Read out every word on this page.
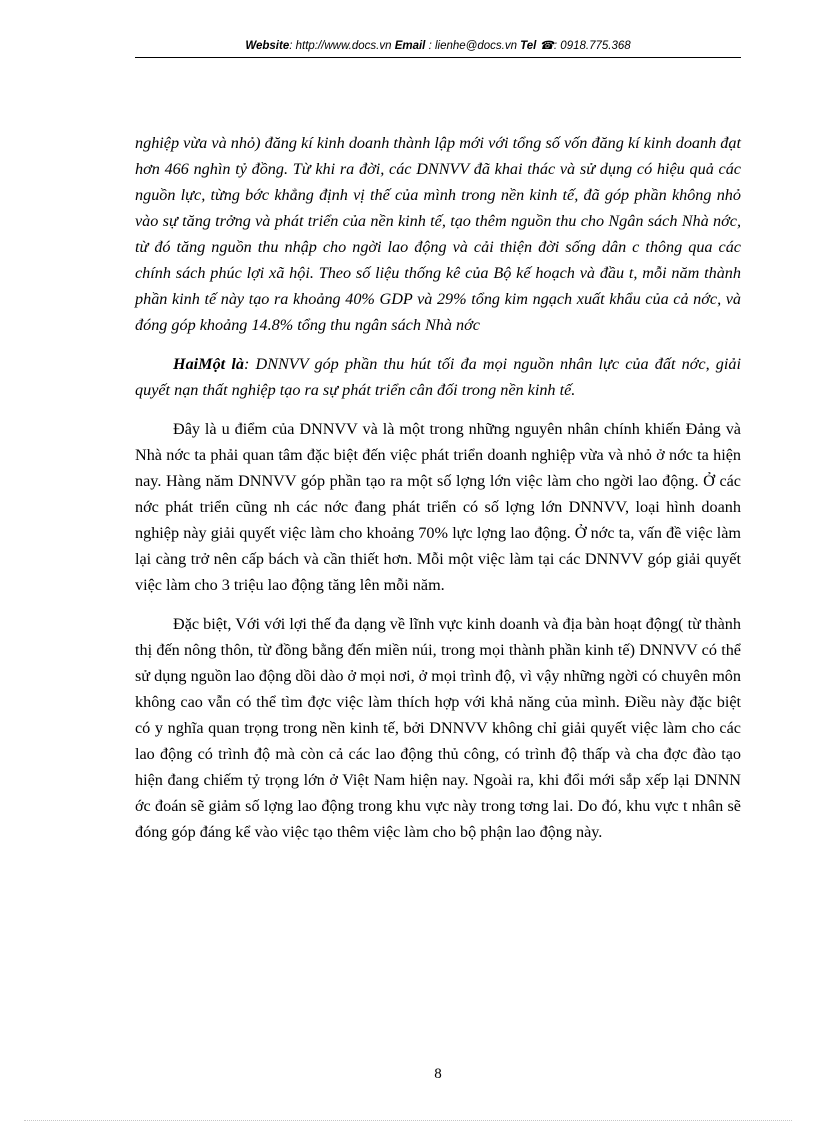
Website: http://www.docs.vn Email : lienhe@docs.vn Tel ☎: 0918.775.368

nghiệp vừa và nhỏ) đăng kí kinh doanh thành lập mới với tổng số vốn đăng kí kinh doanh đạt hơn 466 nghìn tỷ đồng. Từ khi ra đời, các DNNVV đã khai thác và sử dụng có hiệu quả các nguồn lực, từng bớc khẳng định vị thế của mình trong nền kinh tế, đã góp phần không nhỏ vào sự tăng trởng và phát triển của nền kinh tế, tạo thêm nguồn thu cho Ngân sách Nhà nớc, từ đó tăng nguồn thu nhập cho ngời lao động và cải thiện đời sống dân c thông qua các chính sách phúc lợi xã hội. Theo số liệu thống kê của Bộ kế hoạch và đầu t, mỗi năm thành phần kinh tế này tạo ra khoảng 40% GDP và 29% tổng kim ngạch xuất khẩu của cả nớc, và đóng góp khoảng 14.8% tổng thu ngân sách Nhà nớc

HaiMột là: DNNVV góp phần thu hút tối đa mọi nguồn nhân lực của đất nớc, giải quyết nạn thất nghiệp tạo ra sự phát triển cân đối trong nền kinh tế.

Đây là u điểm của DNNVV và là một trong những nguyên nhân chính khiến Đảng và Nhà nớc ta phải quan tâm đặc biệt đến việc phát triển doanh nghiệp vừa và nhỏ ở nớc ta hiện nay. Hàng năm DNNVV góp phần tạo ra một số lợng lớn việc làm cho ngời lao động. Ở các nớc phát triển cũng nh các nớc đang phát triển có số lợng lớn DNNVV, loại hình doanh nghiệp này giải quyết việc làm cho khoảng 70% lực lợng lao động. Ở nớc ta, vấn đề việc làm lại càng trở nên cấp bách và cần thiết hơn. Mỗi một việc làm tại các DNNVV góp giải quyết việc làm cho 3 triệu lao động tăng lên mỗi năm.

Đặc biệt, Với với lợi thế đa dạng về lĩnh vực kinh doanh và địa bàn hoạt động( từ thành thị đến nông thôn, từ đồng bằng đến miền núi, trong mọi thành phần kinh tế) DNNVV có thể sử dụng nguồn lao động dồi dào ở mọi nơi, ở mọi trình độ, vì vậy những ngời có chuyên môn không cao vẫn có thể tìm đợc việc làm thích hợp với khả năng của mình. Điều này đặc biệt có y nghĩa quan trọng trong nền kinh tế, bởi DNNVV không chỉ giải quyết việc làm cho các lao động có trình độ mà còn cả các lao động thủ công, có trình độ thấp và cha đợc đào tạo hiện đang chiếm tỷ trọng lớn ở Việt Nam hiện nay. Ngoài ra, khi đổi mới sắp xếp lại DNNN ớc đoán sẽ giảm số lợng lao động trong khu vực này trong tơng lai. Do đó, khu vực t nhân sẽ đóng góp đáng kể vào việc tạo thêm việc làm cho bộ phận lao động này.

8
